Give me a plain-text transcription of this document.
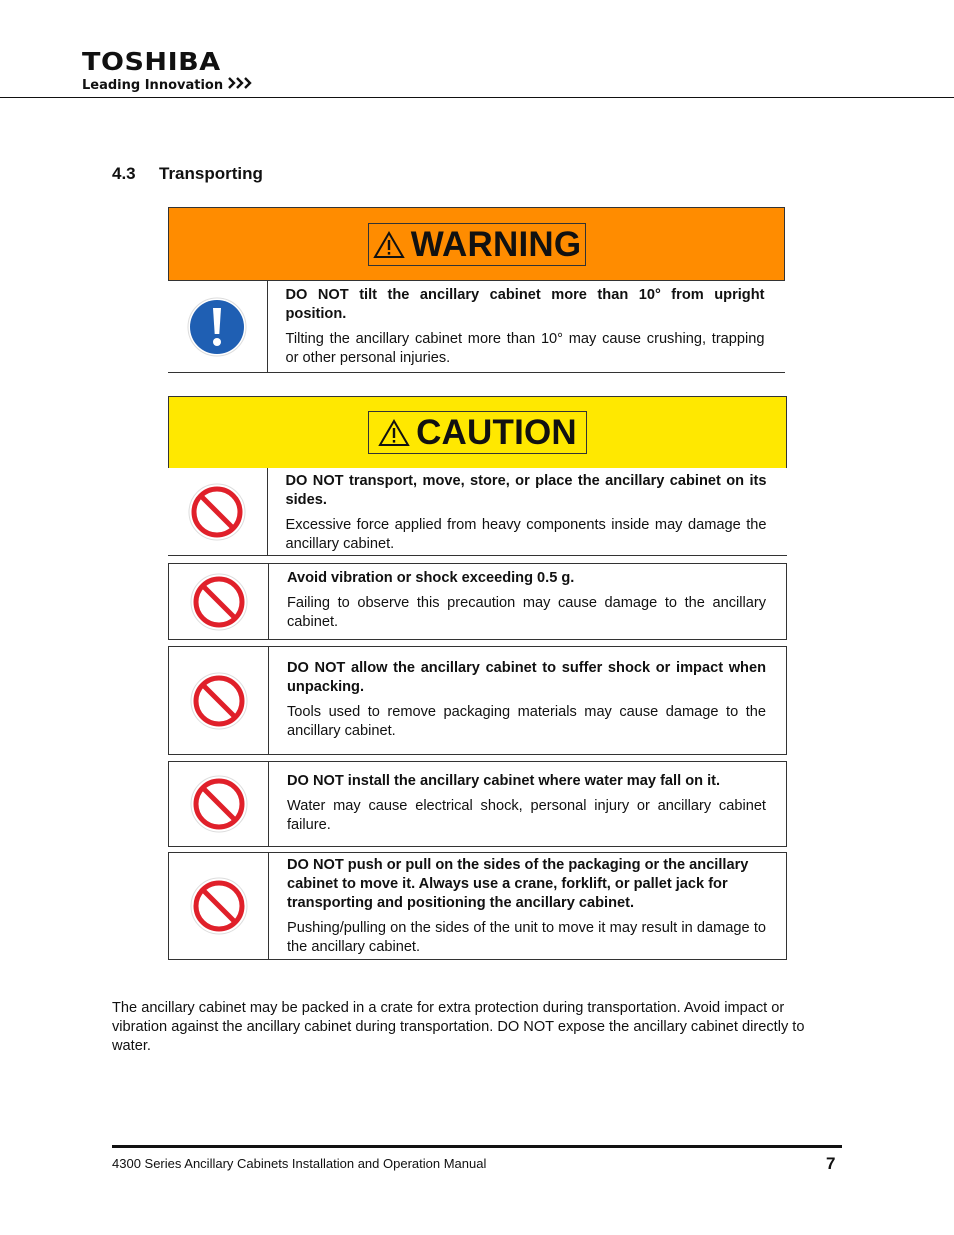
TOSHIBA
Leading Innovation
4.3 Transporting
WARNING
DO NOT tilt the ancillary cabinet more than 10° from upright position.
Tilting the ancillary cabinet more than 10° may cause crushing, trapping or other personal injuries.
CAUTION
DO NOT transport, move, store, or place the ancillary cabinet on its sides.
Excessive force applied from heavy components inside may damage the ancillary cabinet.
Avoid vibration or shock exceeding 0.5 g.
Failing to observe this precaution may cause damage to the ancillary cabinet.
DO NOT allow the ancillary cabinet to suffer shock or impact when unpacking.
Tools used to remove packaging materials may cause damage to the ancillary cabinet.
DO NOT install the ancillary cabinet where water may fall on it.
Water may cause electrical shock, personal injury or ancillary cabinet failure.
DO NOT push or pull on the sides of the packaging or the ancillary cabinet to move it. Always use a crane, forklift, or pallet jack for transporting and positioning the ancillary cabinet.
Pushing/pulling on the sides of the unit to move it may result in damage to the ancillary cabinet.
The ancillary cabinet may be packed in a crate for extra protection during transportation. Avoid impact or vibration against the ancillary cabinet during transportation. DO NOT expose the ancillary cabinet directly to water.
4300 Series Ancillary Cabinets Installation and Operation Manual	7
